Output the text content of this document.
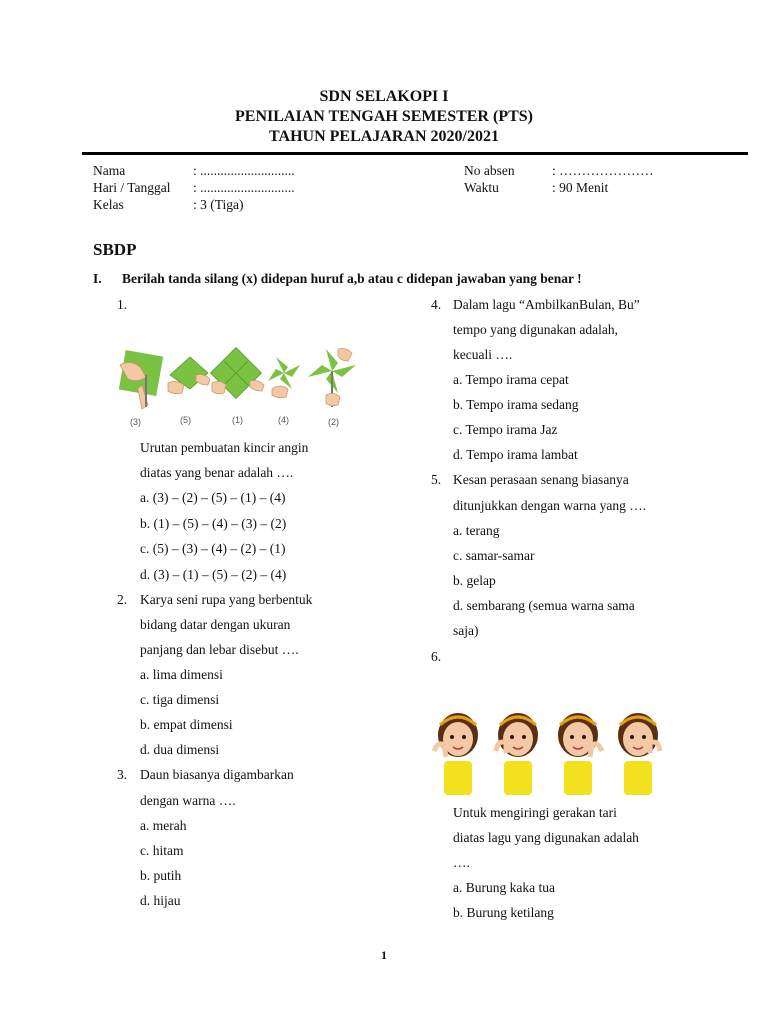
SDN SELAKOPI I
PENILAIAN TENGAH SEMESTER (PTS)
TAHUN PELAJARAN 2020/2021
Nama	: ............................
Hari / Tanggal : ............................
Kelas	: 3 (Tiga)
No absen	: …………………
Waktu	: 90 Menit
SBDP
I. Berilah tanda silang (x) didepan huruf a,b atau c didepan jawaban yang benar !
1.
(3)	(5)	(1)	(4)	(2)
Urutan pembuatan kincir angin
diatas yang benar adalah ….
a. (3) – (2) – (5) – (1) – (4)
b. (1) – (5) – (4) – (3) – (2)
c. (5) – (3) – (4) – (2) – (1)
d. (3) – (1) – (5) – (2) – (4)
2. Karya seni rupa yang berbentuk
bidang datar dengan ukuran
panjang dan lebar disebut ….
a. lima dimensi
c. tiga dimensi
b. empat dimensi
d. dua dimensi
3. Daun biasanya digambarkan
dengan warna ….
a. merah
c. hitam
b. putih
d. hijau
4. Dalam lagu “AmbilkanBulan, Bu”
tempo yang digunakan adalah,
kecuali ….
a. Tempo irama cepat
b. Tempo irama sedang
c. Tempo irama Jaz
d. Tempo irama lambat
5. Kesan perasaan senang biasanya
ditunjukkan dengan warna yang ….
a. terang
c. samar-samar
b. gelap
d. sembarang (semua warna sama
saja)
6.
Untuk mengiringi gerakan tari
diatas lagu yang digunakan adalah
….
a. Burung kaka tua
b. Burung ketilang
1
